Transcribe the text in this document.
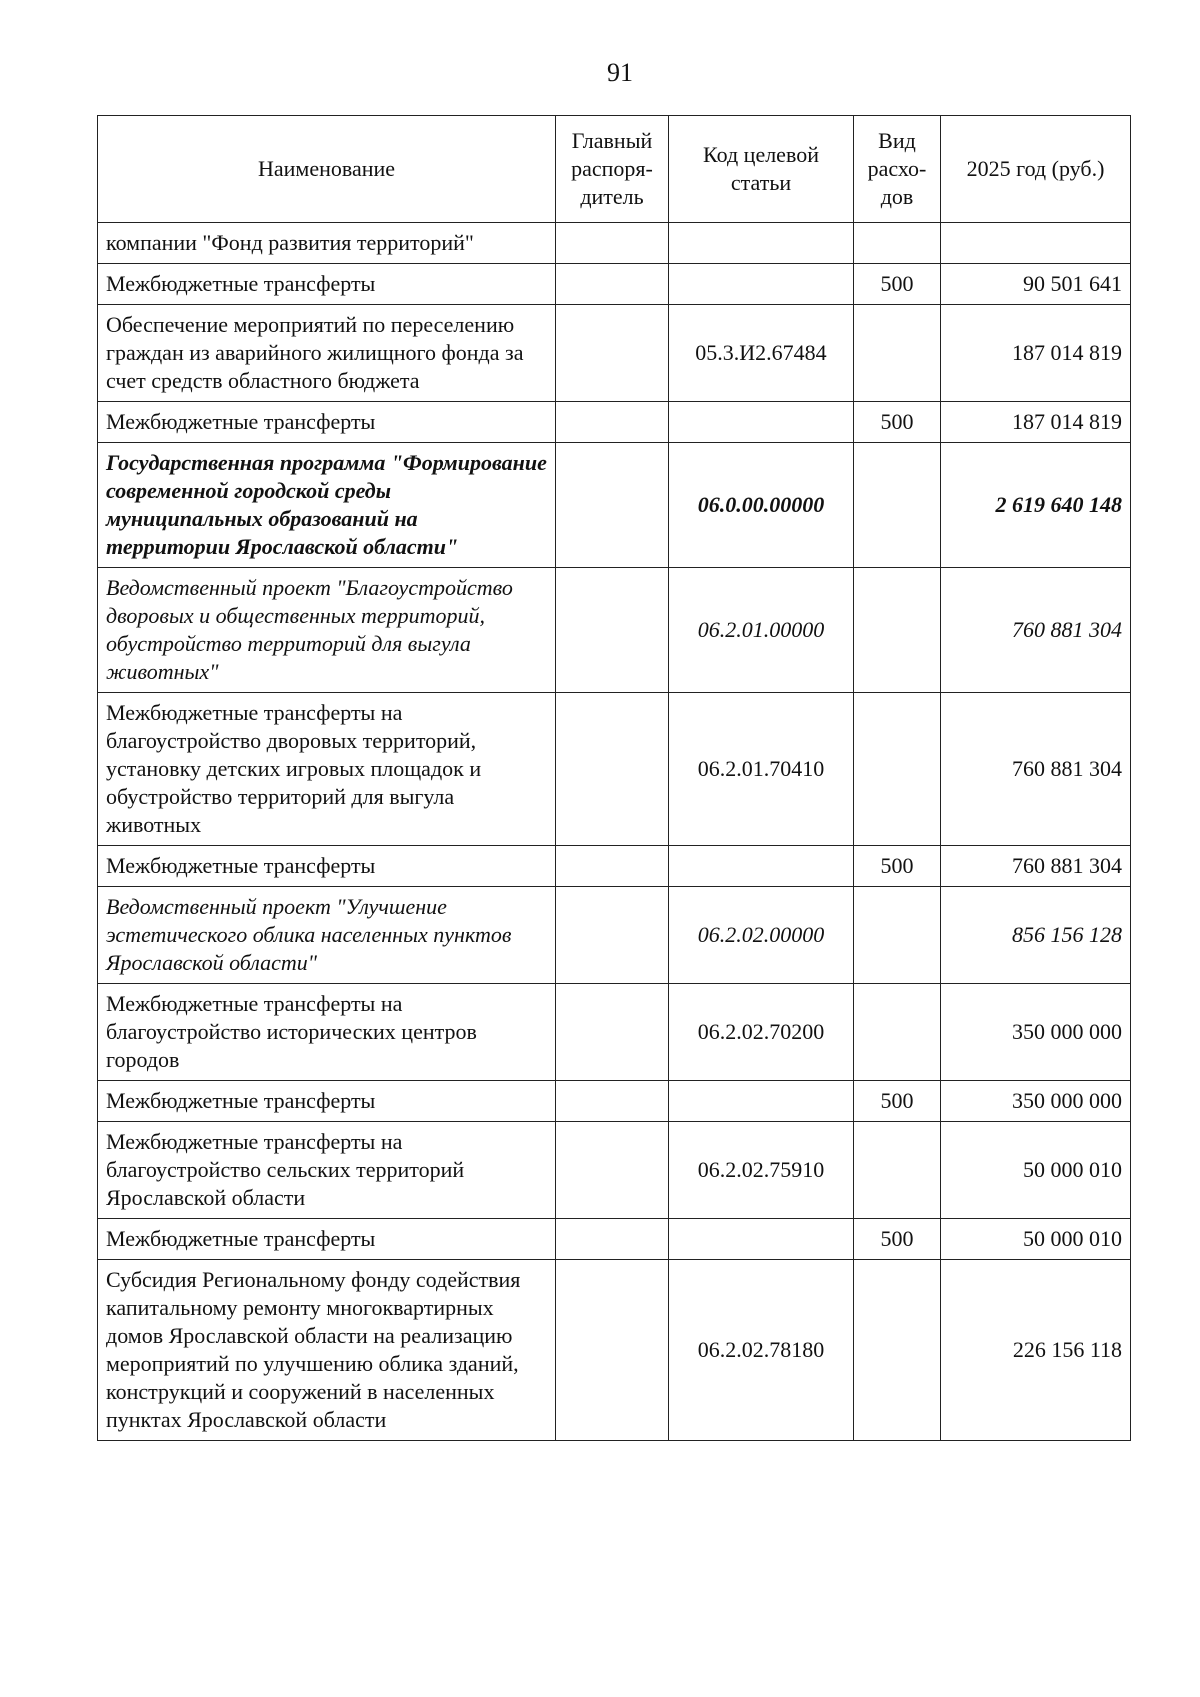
91
Наименование	Главный распоря-дитель	Код целевой статьи	Вид расхо-дов	2025 год (руб.)
компании "Фонд развития территорий"				
Межбюджетные трансферты			500	90 501 641
Обеспечение мероприятий по переселению граждан из аварийного жилищного фонда за счет средств областного бюджета		05.3.И2.67484		187 014 819
Межбюджетные трансферты			500	187 014 819
Государственная программа "Формирование современной городской среды муниципальных образований на территории Ярославской области"		06.0.00.00000		2 619 640 148
Ведомственный проект "Благоустройство дворовых и общественных территорий, обустройство территорий для выгула животных"		06.2.01.00000		760 881 304
Межбюджетные трансферты на благоустройство дворовых территорий, установку детских игровых площадок и обустройство территорий для выгула животных		06.2.01.70410		760 881 304
Межбюджетные трансферты			500	760 881 304
Ведомственный проект "Улучшение эстетического облика населенных пунктов Ярославской области"		06.2.02.00000		856 156 128
Межбюджетные трансферты на благоустройство исторических центров городов		06.2.02.70200		350 000 000
Межбюджетные трансферты			500	350 000 000
Межбюджетные трансферты на благоустройство сельских территорий Ярославской области		06.2.02.75910		50 000 010
Межбюджетные трансферты			500	50 000 010
Субсидия Региональному фонду содействия капитальному ремонту многоквартирных домов Ярославской области на реализацию мероприятий по улучшению облика зданий, конструкций и сооружений в населенных пунктах Ярославской области		06.2.02.78180		226 156 118
